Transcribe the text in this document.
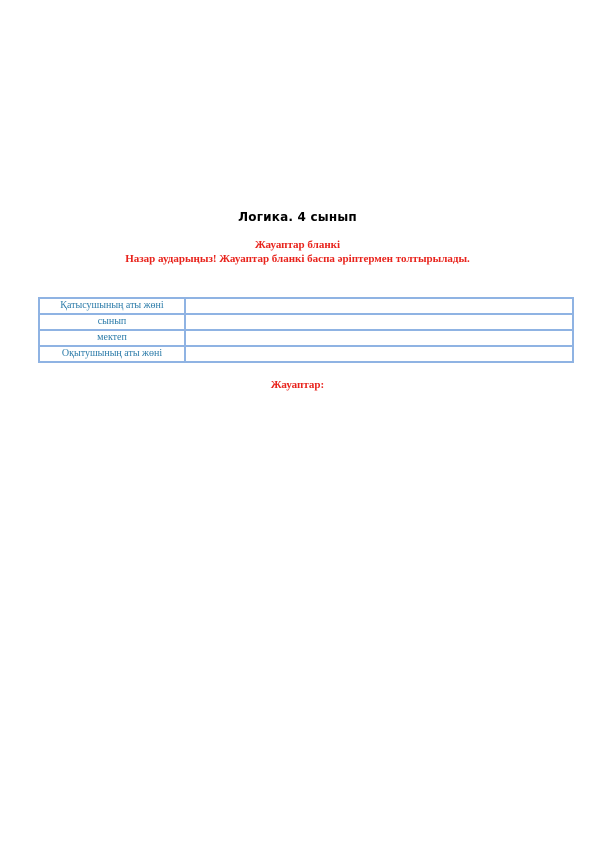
Логика. 4 сынып
Жауаптар бланкі
Назар аударыңыз! Жауаптар бланкі баспа әріптермен толтырылады.
Қатысушының аты жөні	
сынып	
мектеп	
Оқытушының аты жөні	
Жауаптар:
